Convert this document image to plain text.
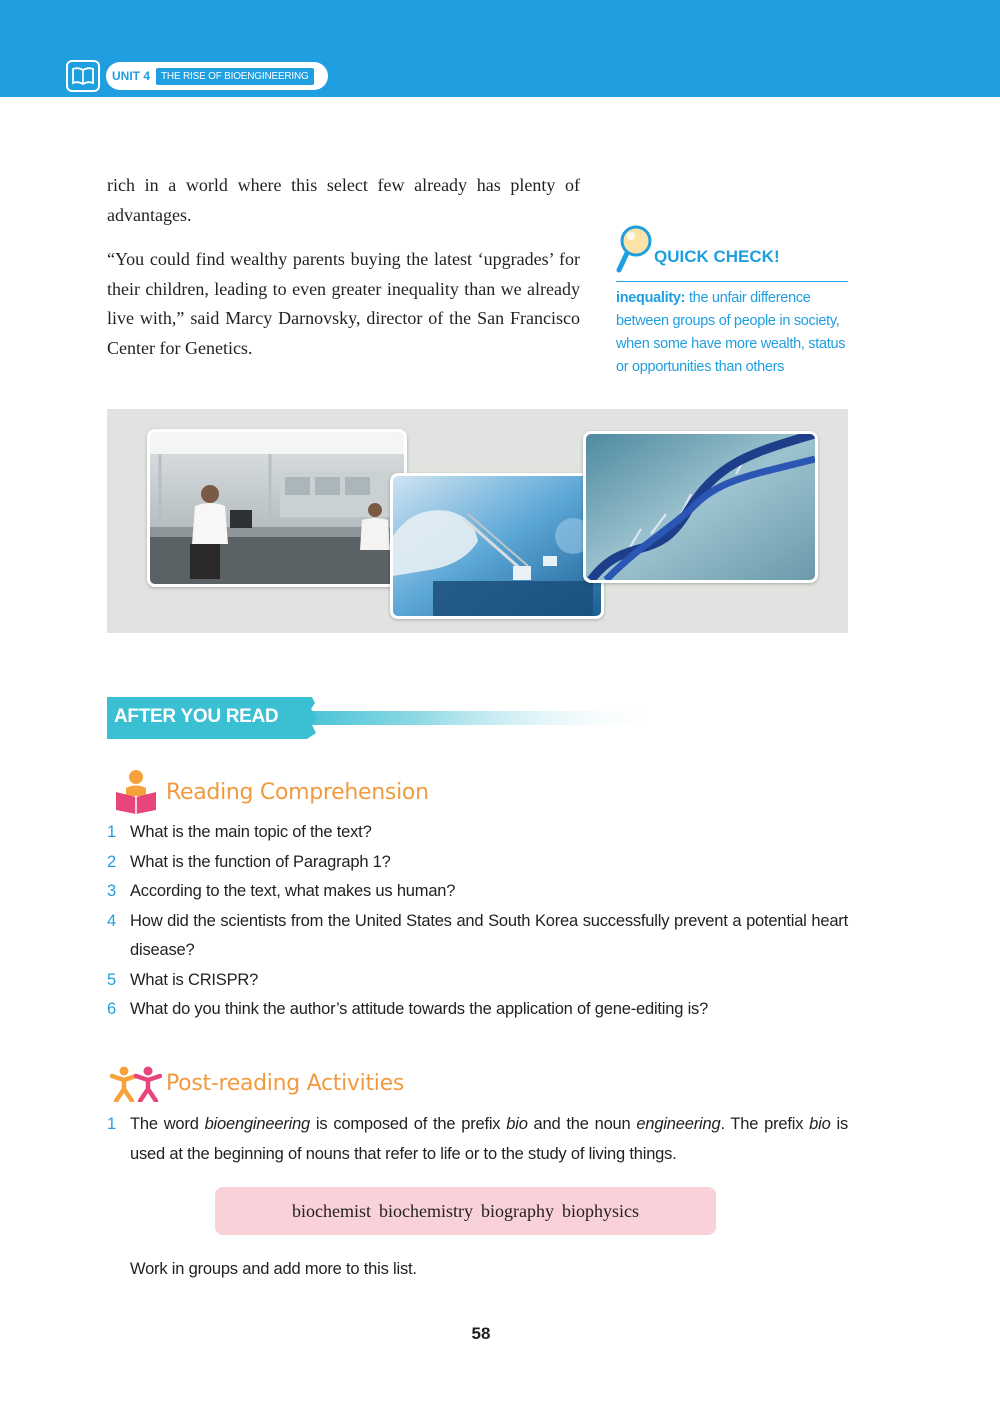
UNIT 4	THE RISE OF BIOENGINEERING

rich in a world where this select few already has plenty of advantages.

“You could find wealthy parents buying the latest ‘upgrades’ for their children, leading to even greater inequality than we already live with,” said Marcy Darnovsky, director of the San Francisco Center for Genetics.

QUICK CHECK!

inequality: the unfair difference between groups of people in society, when some have more wealth, status or opportunities than others

AFTER YOU READ
Reading Comprehension
1 What is the main topic of the text?
2 What is the function of Paragraph 1?
3 According to the text, what makes us human?
4 How did the scientists from the United States and South Korea successfully prevent a potential heart disease?
5 What is CRISPR?
6 What do you think the author’s attitude towards the application of gene-editing is?
Post-reading Activities
1 The word bioengineering is composed of the prefix bio and the noun engineering. The prefix bio is used at the beginning of nouns that refer to life or to the study of living things.
biochemist biochemistry biography biophysics
Work in groups and add more to this list.
58
